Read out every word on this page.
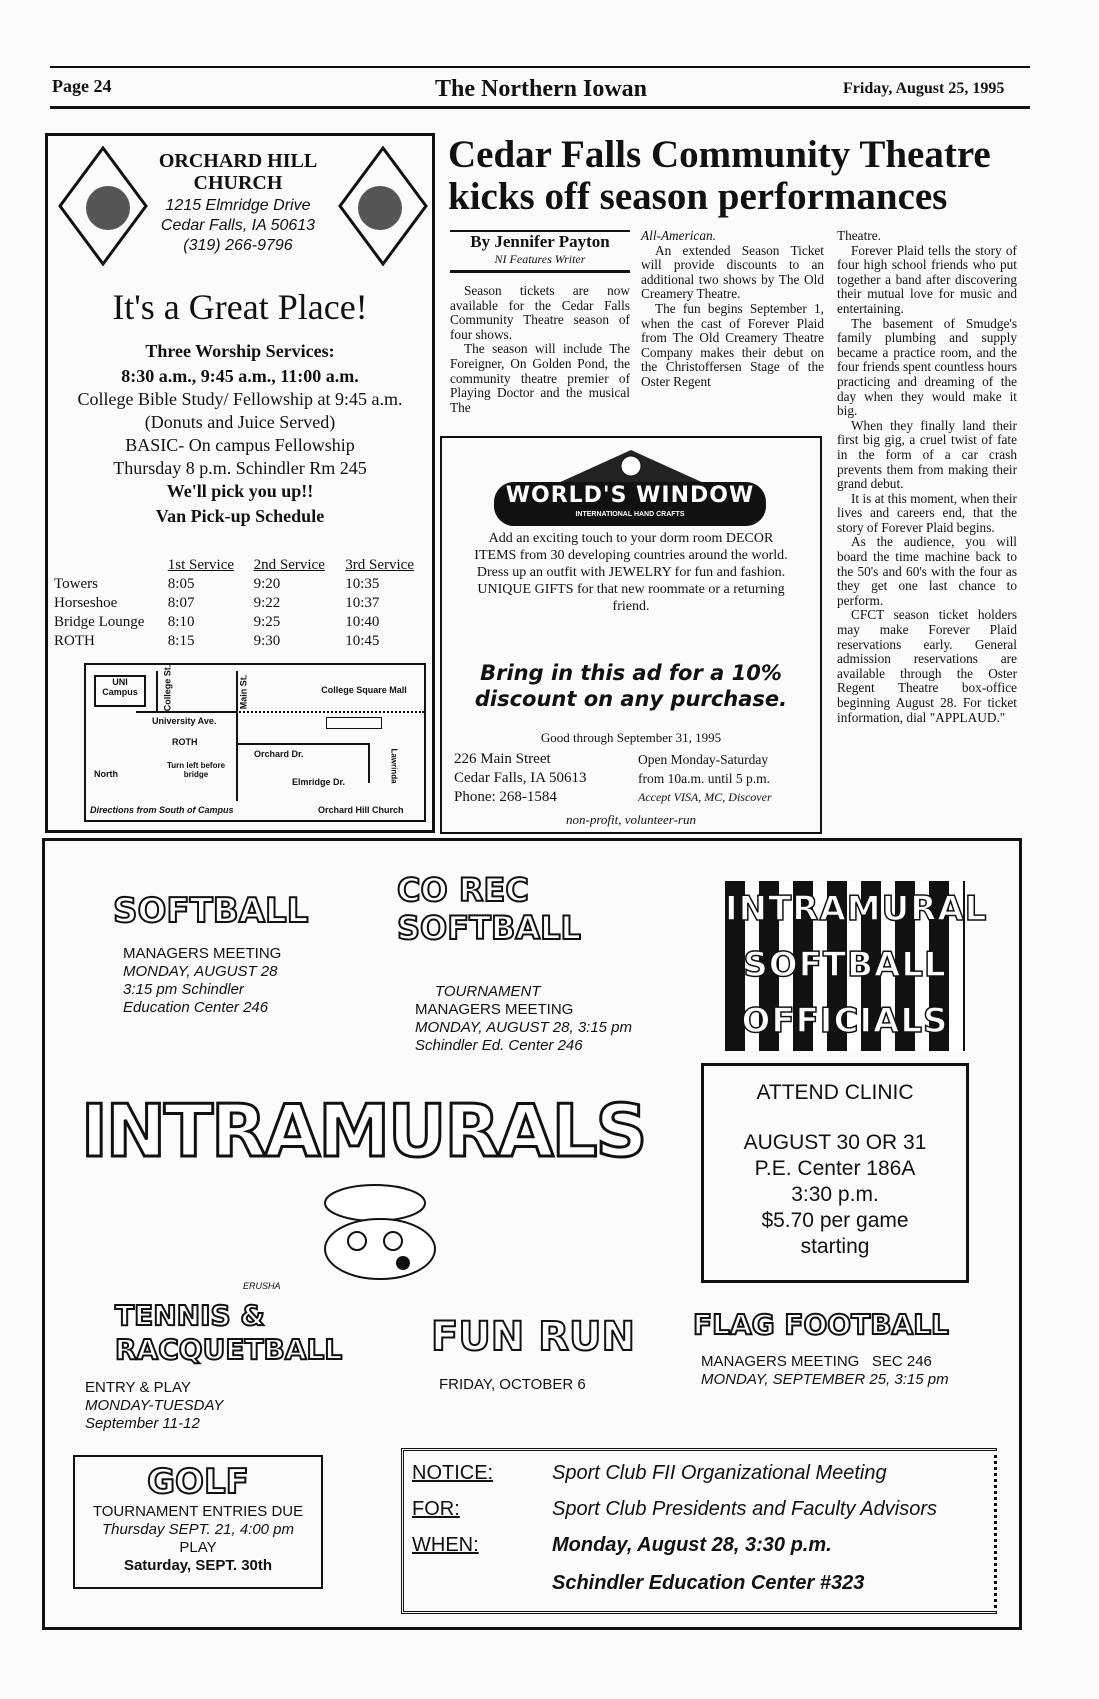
Page 24	The Northern Iowan	Friday, August 25, 1995
ORCHARD HILL
CHURCH
1215 Elmridge Drive
Cedar Falls, IA 50613
(319) 266-9796
It's a Great Place!
Three Worship Services:
8:30 a.m., 9:45 a.m., 11:00 a.m.
College Bible Study/ Fellowship at 9:45 a.m.
(Donuts and Juice Served)
BASIC- On campus Fellowship
Thursday 8 p.m. Schindler Rm 245
We'll pick you up!!
Van Pick-up Schedule
	1st Service	2nd Service	3rd Service
Towers	8:05	9:20	10:35
Horseshoe	8:07	9:22	10:37
Bridge Lounge	8:10	9:25	10:40
ROTH	8:15	9:30	10:45
UNI Campus	College St.	Main St.	College Square Mall
University Ave.
ROTH
Orchard Dr.
Turn left before bridge
North
Elmridge Dr.	Lawrinda
Directions from South of Campus	Orchard Hill Church
Cedar Falls Community Theatre kicks off season performances
By Jennifer Payton
NI Features Writer

Season tickets are now available for the Cedar Falls Community Theatre season of four shows.

The season will include The Foreigner, On Golden Pond, the community theatre premier of Playing Doctor and the musical The

All-American.

An extended Season Ticket will provide discounts to an additional two shows by The Old Creamery Theatre.

The fun begins September 1, when the cast of Forever Plaid from The Old Creamery Theatre Company makes their debut on the Christoffersen Stage of the Oster Regent

Theatre.

Forever Plaid tells the story of four high school friends who put together a band after discovering their mutual love for music and entertaining.

The basement of Smudge's family plumbing and supply became a practice room, and the four friends spent countless hours practicing and dreaming of the day when they would make it big.

When they finally land their first big gig, a cruel twist of fate in the form of a car crash prevents them from making their grand debut.

It is at this moment, when their lives and careers end, that the story of Forever Plaid begins.

As the audience, you will board the time machine back to the 50's and 60's with the four as they get one last chance to perform.

CFCT season ticket holders may make Forever Plaid reservations early. General admission reservations are available through the Oster Regent Theatre box-office beginning August 28. For ticket information, dial "APPLAUD."

WORLD'S WINDOW
INTERNATIONAL HAND CRAFTS
Add an exciting touch to your dorm room DECOR ITEMS from 30 developing countries around the world.
Dress up an outfit with JEWELRY for fun and fashion.
UNIQUE GIFTS for that new roommate or a returning friend.
Bring in this ad for a 10% discount on any purchase.
Good through September 31, 1995
226 Main Street
Cedar Falls, IA 50613
Phone: 268-1584
Open Monday-Saturday
from 10a.m. until 5 p.m.
Accept VISA, MC, Discover
non-profit, volunteer-run
SOFTBALL
MANAGERS MEETING
MONDAY, AUGUST 28
3:15 pm Schindler
Education Center 246
CO REC
SOFTBALL
TOURNAMENT
MANAGERS MEETING
MONDAY, AUGUST 28, 3:15 pm
Schindler Ed. Center 246
INTRAMURAL
SOFTBALL
OFFICIALS
ATTEND CLINIC
AUGUST 30 OR 31
P.E. Center 186A
3:30 p.m.
$5.70 per game
starting
INTRAMURALS
ERUSHA
TENNIS &
RACQUETBALL
ENTRY & PLAY
MONDAY-TUESDAY
September 11-12
FUN RUN
FRIDAY, OCTOBER 6
FLAG FOOTBALL
MANAGERS MEETING   SEC 246
MONDAY, SEPTEMBER 25, 3:15 pm
GOLF
TOURNAMENT ENTRIES DUE
Thursday SEPT. 21, 4:00 pm
PLAY
Saturday, SEPT. 30th
NOTICE:	Sport Club FII Organizational Meeting
FOR:	Sport Club Presidents and Faculty Advisors
WHEN:	Monday, August 28, 3:30 p.m.
Schindler Education Center #323
